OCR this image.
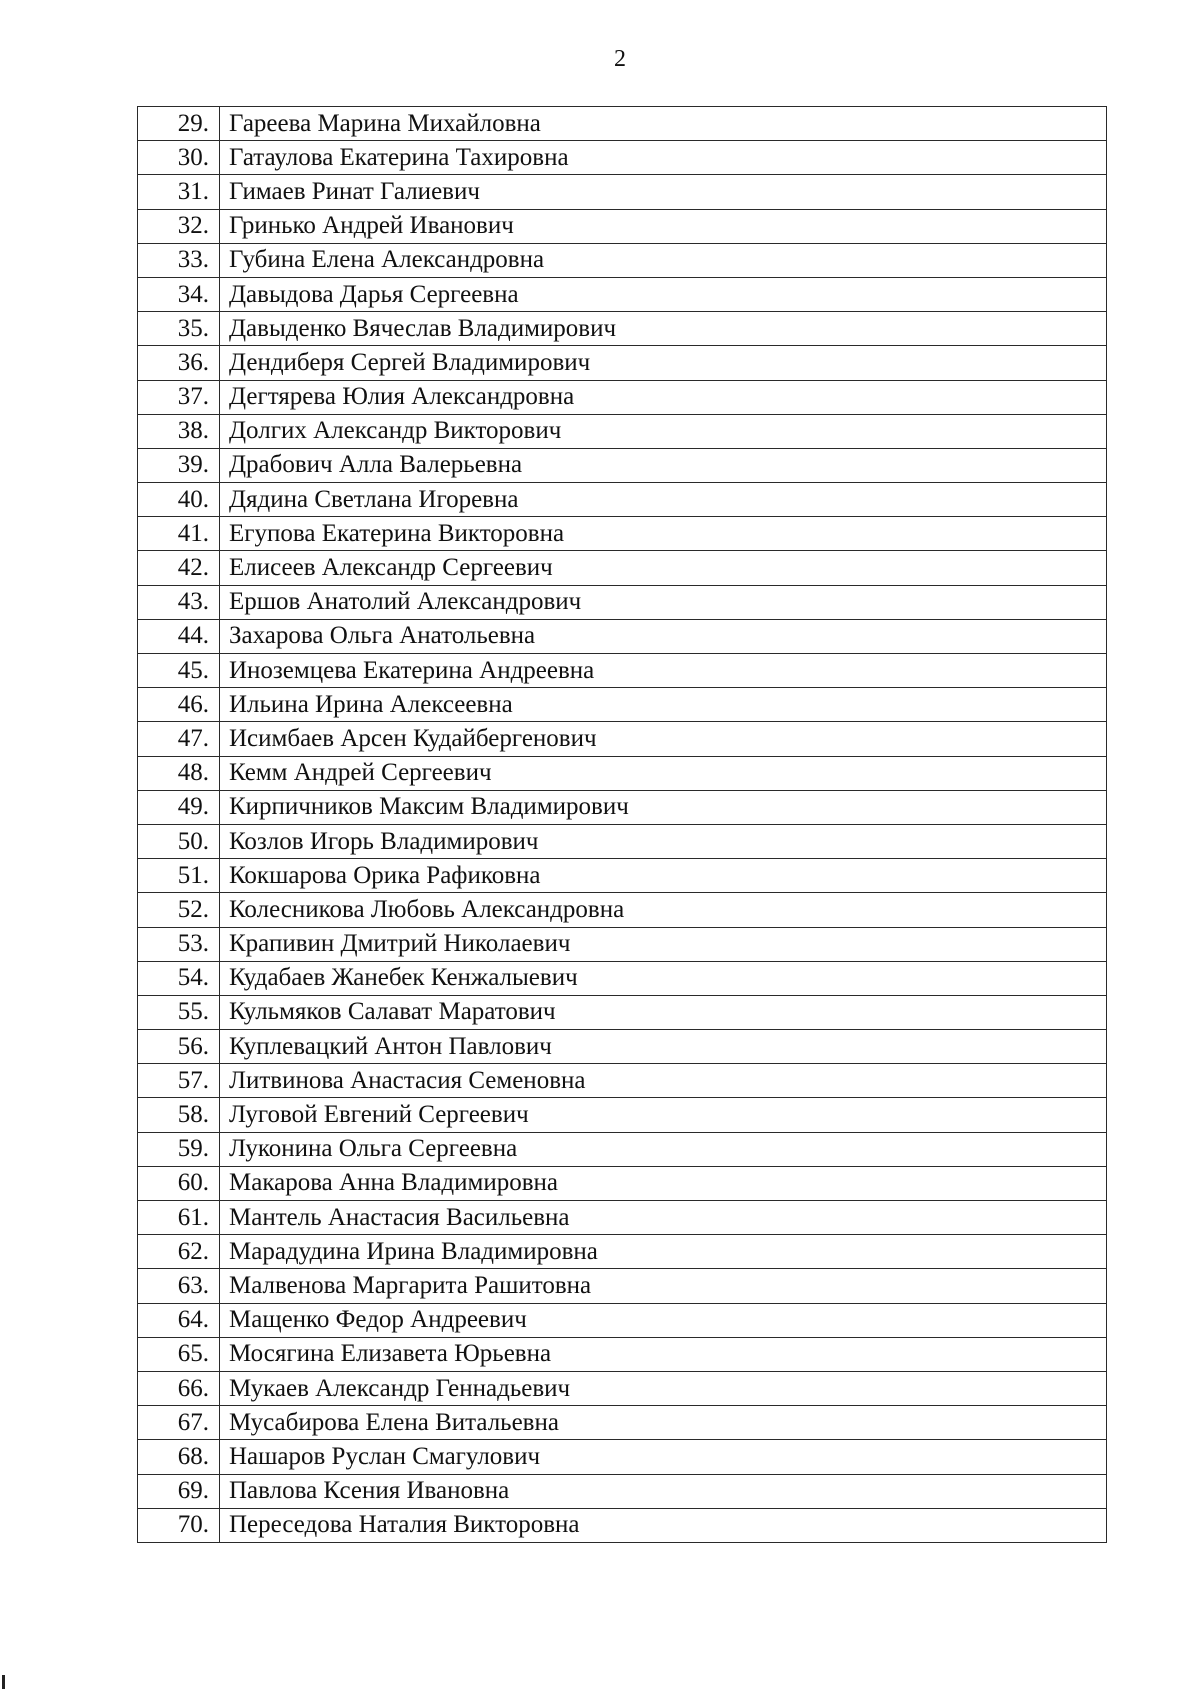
2
29.	Гареева Марина Михайловна
30.	Гатаулова Екатерина Тахировна
31.	Гимаев Ринат Галиевич
32.	Гринько Андрей Иванович
33.	Губина Елена Александровна
34.	Давыдова Дарья Сергеевна
35.	Давыденко Вячеслав Владимирович
36.	Дендиберя Сергей Владимирович
37.	Дегтярева Юлия Александровна
38.	Долгих Александр Викторович
39.	Драбович Алла Валерьевна
40.	Дядина Светлана Игоревна
41.	Егупова Екатерина Викторовна
42.	Елисеев Александр Сергеевич
43.	Ершов Анатолий Александрович
44.	Захарова Ольга Анатольевна
45.	Иноземцева Екатерина Андреевна
46.	Ильина Ирина Алексеевна
47.	Исимбаев Арсен Кудайбергенович
48.	Кемм Андрей Сергеевич
49.	Кирпичников Максим Владимирович
50.	Козлов Игорь Владимирович
51.	Кокшарова Орика Рафиковна
52.	Колесникова Любовь Александровна
53.	Крапивин Дмитрий Николаевич
54.	Кудабаев Жанебек Кенжалыевич
55.	Кульмяков Салават Маратович
56.	Куплевацкий Антон Павлович
57.	Литвинова Анастасия Семеновна
58.	Луговой Евгений Сергеевич
59.	Луконина Ольга Сергеевна
60.	Макарова Анна Владимировна
61.	Мантель Анастасия Васильевна
62.	Марадудина Ирина Владимировна
63.	Малвенова Маргарита Рашитовна
64.	Мащенко Федор Андреевич
65.	Мосягина Елизавета Юрьевна
66.	Мукаев Александр Геннадьевич
67.	Мусабирова Елена Витальевна
68.	Нашаров Руслан Смагулович
69.	Павлова Ксения Ивановна
70.	Переседова Наталия Викторовна
